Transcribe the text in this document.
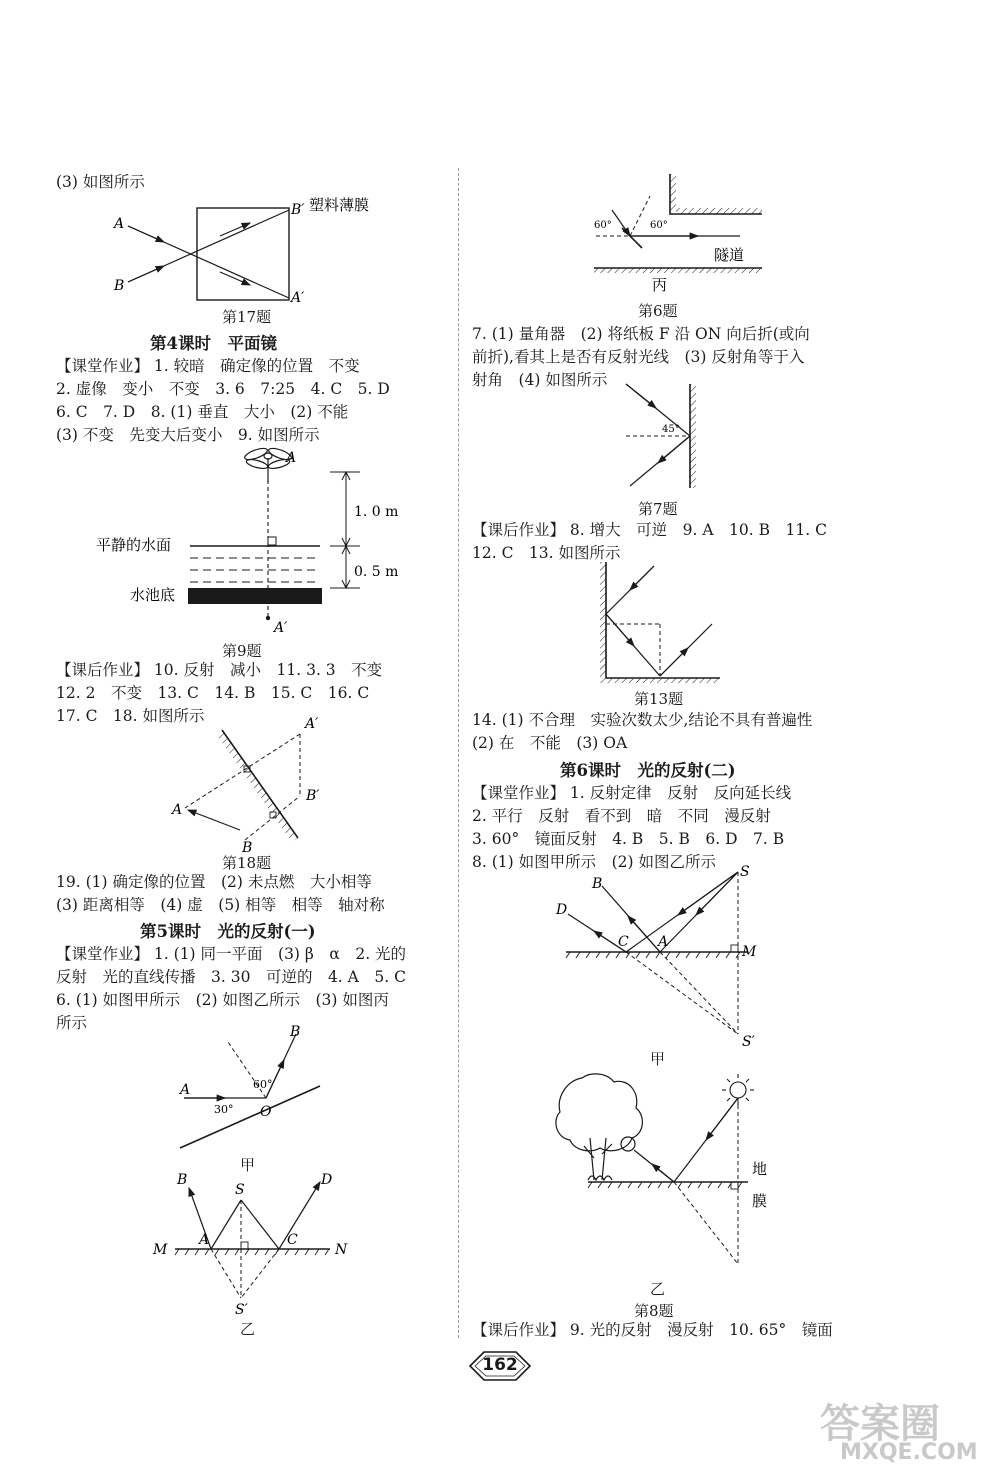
(3) 如图所示
A
B
B′
A′
塑料薄膜
第17题
第4课时　平面镜
【课堂作业】 1. 较暗　确定像的位置　不变
2. 虚像　变小　不变　3. 6　7:25　4. C　5. D
6. C　7. D　8. (1) 垂直　大小　(2) 不能
(3) 不变　先变大后变小　9. 如图所示
A
A′
1. 0 m
0. 5 m
平静的水面
水池底
第9题
【课后作业】 10. 反射　减小　11. 3. 3　不变
12. 2　不变　13. C　14. B　15. C　16. C
17. C　18. 如图所示	A′
B′
A
B
第18题
19. (1) 确定像的位置　(2) 未点燃　大小相等
(3) 距离相等　(4) 虚　(5) 相等　相等　轴对称
第5课时　光的反射(一)
【课堂作业】 1. (1) 同一平面　(3) β　α　2. 光的
反射　光的直线传播　3. 30　可逆的　4. A　5. C
6. (1) 如图甲所示　(2) 如图乙所示　(3) 如图丙
所示
A
B
O
30°
60°
甲
B
S
D
M
A	C
N
S′
乙
60°	60°
隧道
丙
第6题
7. (1) 量角器　(2) 将纸板 F 沿 ON 向后折(或向
前折),看其上是否有反射光线　(3) 反射角等于入
射角　(4) 如图所示
45°
第7题
【课后作业】 8. 增大　可逆　9. A　10. B　11. C
12. C　13. 如图所示
第13题
14. (1) 不合理　实验次数太少,结论不具有普遍性
(2) 在　不能　(3) OA
第6课时　光的反射(二)
【课堂作业】 1. 反射定律　反射　反向延长线
2. 平行　反射　看不到　暗　不同　漫反射
3. 60°　镜面反射　4. B　5. B　6. D　7. B
8. (1) 如图甲所示　(2) 如图乙所示
B
S
D
C A
M
S′
甲
地
膜
乙
第8题
【课后作业】 9. 光的反射　漫反射　10. 65°　镜面
162
答案圈
MXQE.COM
